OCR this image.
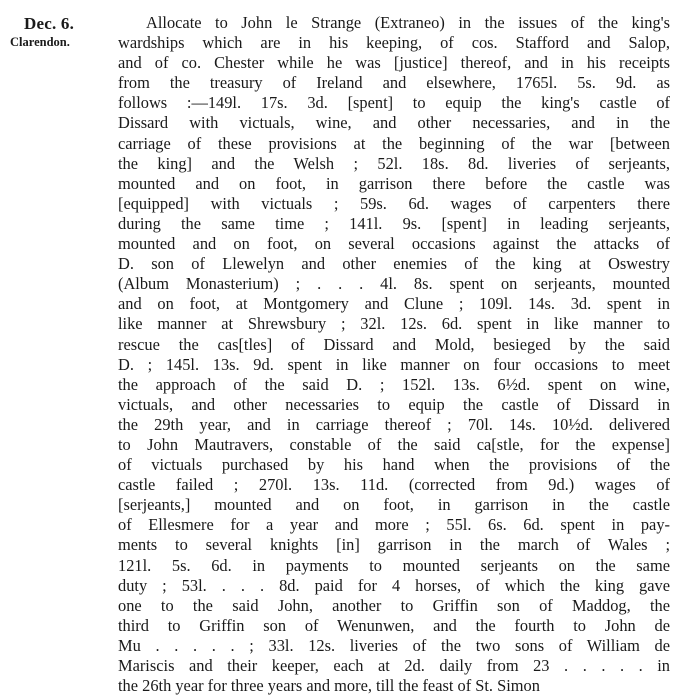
Dec. 6.
Clarendon.
Allocate to John le Strange (Extraneo) in the issues of the king's
wardships which are in his keeping, of cos. Stafford and Salop,
and of co. Chester while he was [justice] thereof, and in his receipts
from the treasury of Ireland and elsewhere, 1765l. 5s. 9d. as
follows :—149l. 17s. 3d. [spent] to equip the king's castle of
Dissard with victuals, wine, and other necessaries, and in the
carriage of these provisions at the beginning of the war [between
the king] and the Welsh ; 52l. 18s. 8d. liveries of serjeants,
mounted and on foot, in garrison there before the castle was
[equipped] with victuals ; 59s. 6d. wages of carpenters there
during the same time ; 141l. 9s. [spent] in leading serjeants,
mounted and on foot, on several occasions against the attacks of
D. son of Llewelyn and other enemies of the king at Oswestry
(Album Monasterium) ; . . . 4l. 8s. spent on serjeants, mounted
and on foot, at Montgomery and Clune ; 109l. 14s. 3d. spent in
like manner at Shrewsbury ; 32l. 12s. 6d. spent in like manner to
rescue the cas[tles] of Dissard and Mold, besieged by the said
D. ; 145l. 13s. 9d. spent in like manner on four occasions to meet
the approach of the said D. ; 152l. 13s. 6½d. spent on wine,
victuals, and other necessaries to equip the castle of Dissard in
the 29th year, and in carriage thereof ; 70l. 14s. 10½d. delivered
to John Mautravers, constable of the said ca[stle, for the expense]
of victuals purchased by his hand when the provisions of the
castle failed ; 270l. 13s. 11d. (corrected from 9d.) wages of
[serjeants,] mounted and on foot, in garrison in the castle
of Ellesmere for a year and more ; 55l. 6s. 6d. spent in pay-
ments to several knights [in] garrison in the march of Wales ;
121l. 5s. 6d. in payments to mounted serjeants on the same
duty ; 53l. . . . 8d. paid for 4 horses, of which the king gave
one to the said John, another to Griffin son of Maddog, the
third to Griffin son of Wenunwen, and the fourth to John de
Mu . . . . . ; 33l. 12s. liveries of the two sons of William de
Mariscis and their keeper, each at 2d. daily from 23 . . . . . in
the 26th year for three years and more, till the feast of St. Simon
